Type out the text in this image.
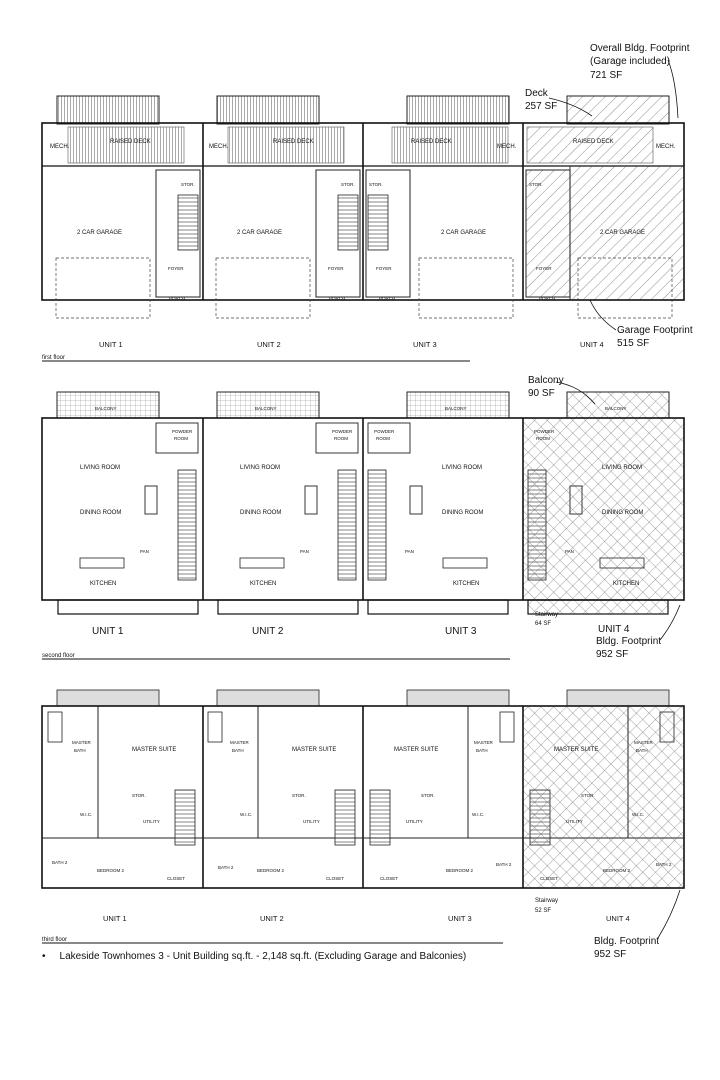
MECH.	MECH.	MECH.	MECH.
RAISED DECK	RAISED DECK	RAISED DECK	RAISED DECK
2 CAR GARAGE	2 CAR GARAGE	2 CAR GARAGE	2 CAR GARAGE
STOR.	STOR.	STOR.	STOR.
FOYER	FOYER	FOYER	FOYER
PORCH	PORCH	PORCH	PORCH
UNIT 1	UNIT 2	UNIT 3	UNIT 4
first floor
Overall Bldg. Footprint
(Garage included)
721 SF
Deck
257 SF
Garage Footprint
515 SF
BALCONY	BALCONY	BALCONY	BALCONY
POWDER
ROOM
POWDER
ROOM
POWDER
ROOM
POWDER
ROOM
LIVING ROOM	LIVING ROOM	LIVING ROOM	LIVING ROOM
DINING ROOM	DINING ROOM	DINING ROOM	DINING ROOM
PAN	PAN	PAN	PAN
KITCHEN	KITCHEN	KITCHEN	KITCHEN
UNIT 1	UNIT 2	UNIT 3	UNIT 4
second floor
Balcony
90 SF
Stairway
64 SF
Bldg. Footprint
952 SF
MASTER SUITE	MASTER SUITE	MASTER SUITE	MASTER SUITE
MASTER
BATH
MASTER
BATH
MASTER
BATH
MASTER
BATH
W.I.C.	W.I.C.	W.I.C.	W.I.C.
STOR.	STOR.	STOR.	STOR.
UTILITY	UTILITY	UTILITY	UTILITY
BEDROOM 2	BEDROOM 2	BEDROOM 2	BEDROOM 2
BATH 2
BATH 2
BATH 2	BATH 2
CLOSET	CLOSET	CLOSET	CLOSET
UNIT 1	UNIT 2	UNIT 3	UNIT 4
third floor
Stairway
52 SF
Bldg. Footprint
952 SF
• Lakeside Townhomes 3 - Unit Building sq.ft. - 2,148 sq.ft. (Excluding Garage and Balconies)
